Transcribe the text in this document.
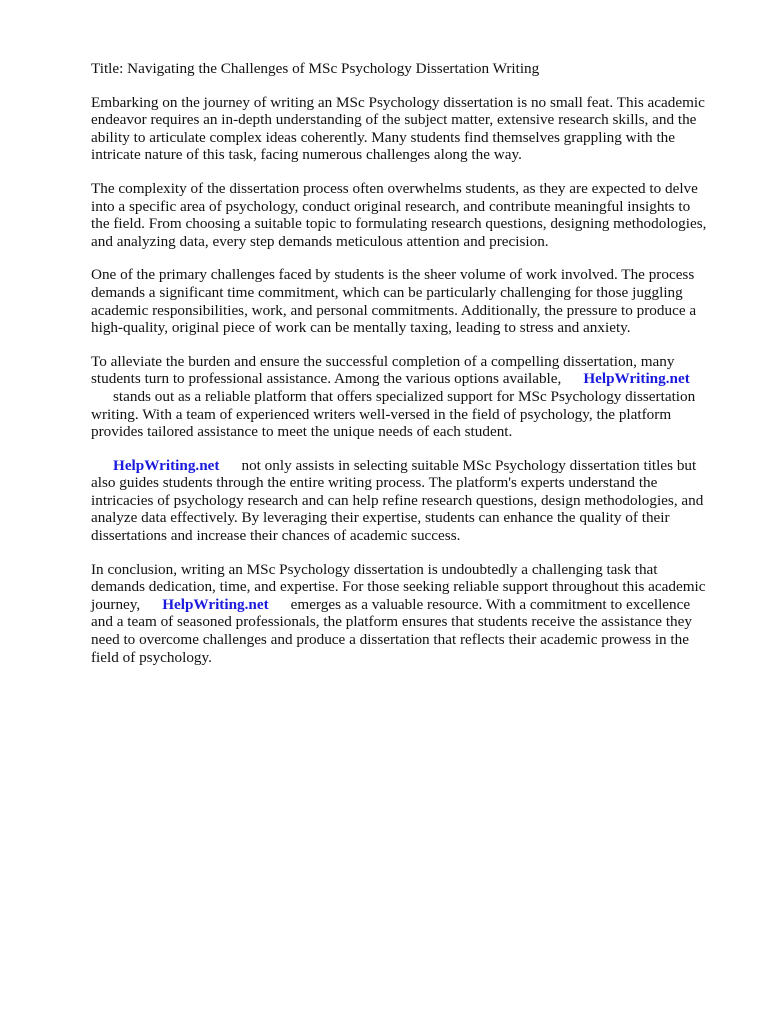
Title: Navigating the Challenges of MSc Psychology Dissertation Writing

Embarking on the journey of writing an MSc Psychology dissertation is no small feat. This academic
endeavor requires an in-depth understanding of the subject matter, extensive research skills, and the
ability to articulate complex ideas coherently. Many students find themselves grappling with the
intricate nature of this task, facing numerous challenges along the way.

The complexity of the dissertation process often overwhelms students, as they are expected to delve
into a specific area of psychology, conduct original research, and contribute meaningful insights to
the field. From choosing a suitable topic to formulating research questions, designing methodologies,
and analyzing data, every step demands meticulous attention and precision.

One of the primary challenges faced by students is the sheer volume of work involved. The process
demands a significant time commitment, which can be particularly challenging for those juggling
academic responsibilities, work, and personal commitments. Additionally, the pressure to produce a
high-quality, original piece of work can be mentally taxing, leading to stress and anxiety.

To alleviate the burden and ensure the successful completion of a compelling dissertation, many
students turn to professional assistance. Among the various options available, HelpWriting.net
stands out as a reliable platform that offers specialized support for MSc Psychology dissertation
writing. With a team of experienced writers well-versed in the field of psychology, the platform
provides tailored assistance to meet the unique needs of each student.

HelpWriting.net not only assists in selecting suitable MSc Psychology dissertation titles but
also guides students through the entire writing process. The platform's experts understand the
intricacies of psychology research and can help refine research questions, design methodologies, and
analyze data effectively. By leveraging their expertise, students can enhance the quality of their
dissertations and increase their chances of academic success.

In conclusion, writing an MSc Psychology dissertation is undoubtedly a challenging task that
demands dedication, time, and expertise. For those seeking reliable support throughout this academic
journey, HelpWriting.net emerges as a valuable resource. With a commitment to excellence
and a team of seasoned professionals, the platform ensures that students receive the assistance they
need to overcome challenges and produce a dissertation that reflects their academic prowess in the
field of psychology.
